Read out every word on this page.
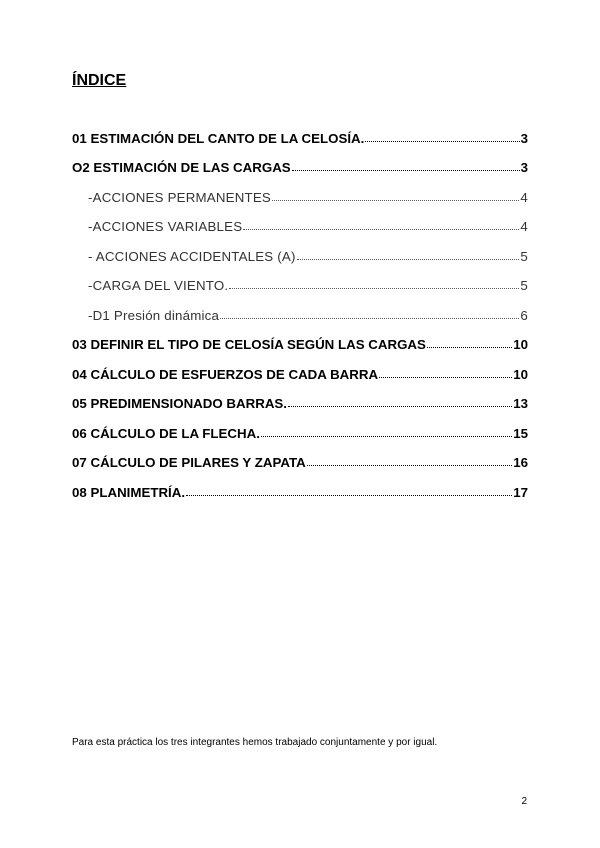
ÍNDICE
01 ESTIMACIÓN DEL CANTO DE LA CELOSÍA.	3
O2 ESTIMACIÓN DE LAS CARGAS	3
-ACCIONES PERMANENTES	4
-ACCIONES VARIABLES	4
- ACCIONES ACCIDENTALES (A)	5
-CARGA DEL VIENTO.	5
-D1 Presión dinámica	6
03 DEFINIR EL TIPO DE CELOSÍA SEGÚN LAS CARGAS	10
04 CÁLCULO DE ESFUERZOS DE CADA BARRA	10
05 PREDIMENSIONADO BARRAS.	13
06 CÁLCULO DE LA FLECHA.	15
07 CÁLCULO DE PILARES Y ZAPATA	16
08 PLANIMETRÍA.	17
Para esta práctica los tres integrantes hemos trabajado conjuntamente y por igual.
2
